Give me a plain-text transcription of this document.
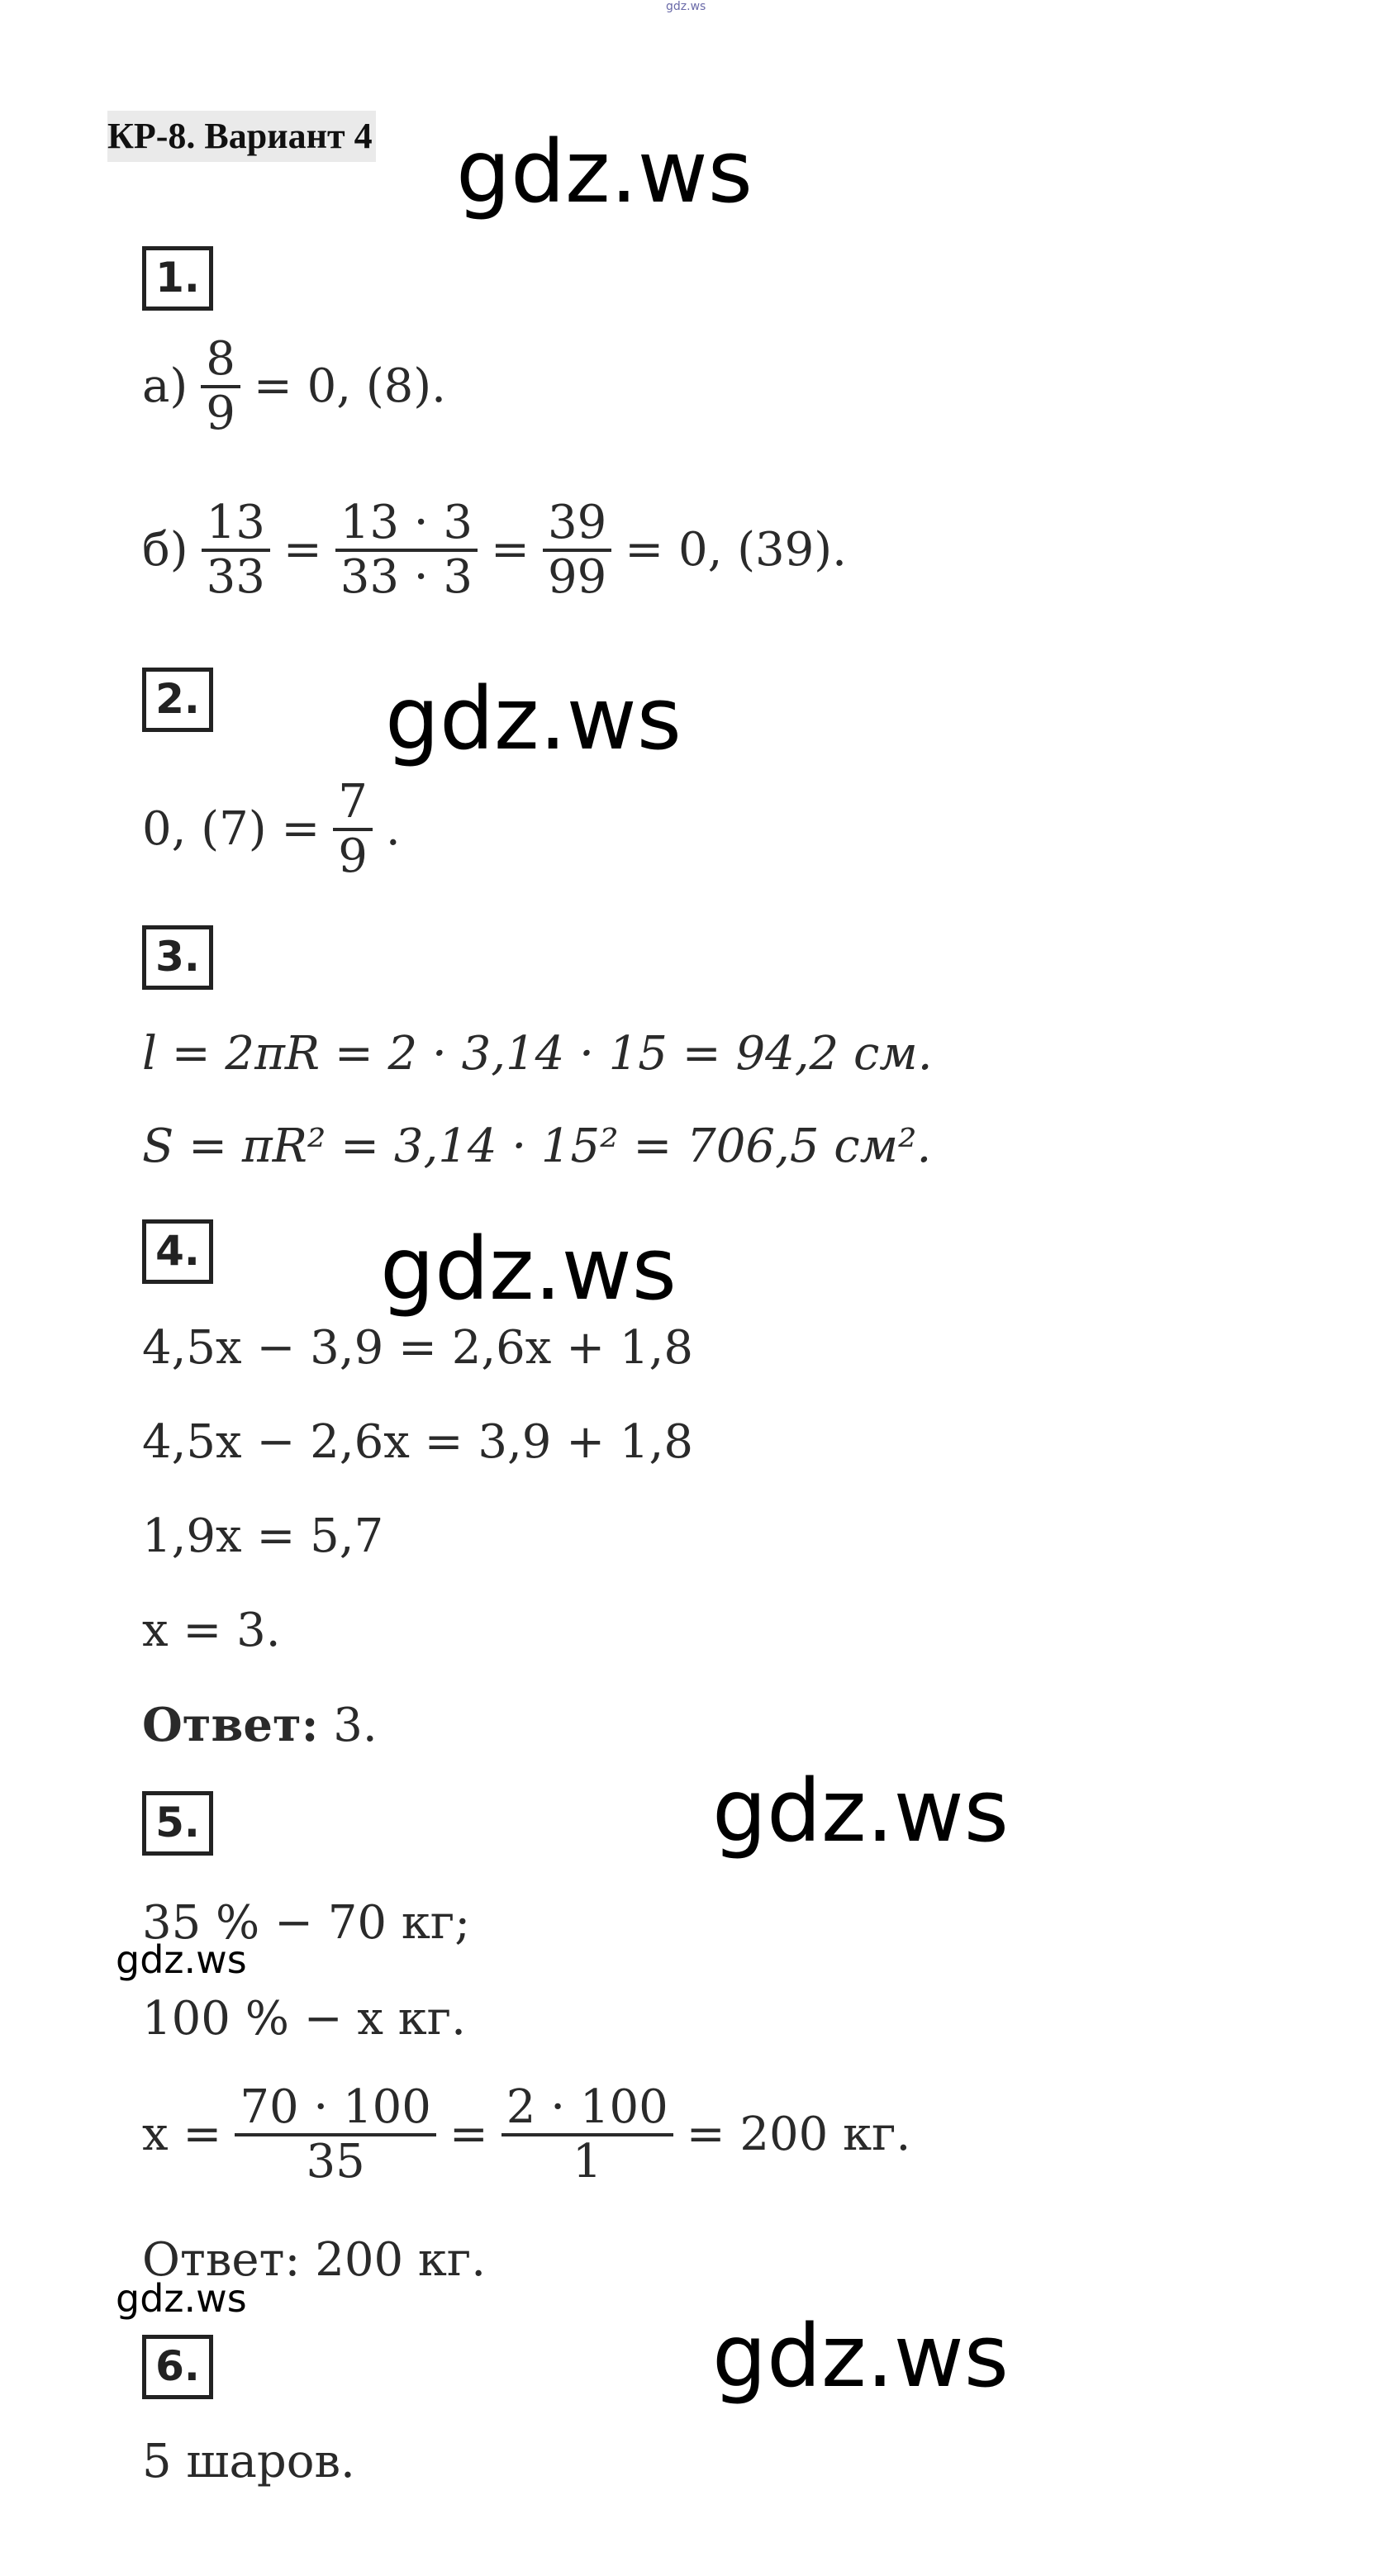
gdz.ws
КР-8. Вариант 4 gdz.ws
gdz.ws
gdz.ws
gdz.ws
gdz.ws
gdz.ws
gdz.ws
1.
$а) \frac{8}{9} = 0$, (8).
$б) \frac{13}{33} = \frac{13 \cdot 3}{33 \cdot 3} = \frac{39}{99} = 0$, (39).
2.
0, $(7) = \frac{7}{9}$ .
3.
l = 2πR = 2 · 3,14 · 15 = 94,2 см.
S = πR² = 3,14 · 15² = 706,5 см².
4.
4,5x − 3,9 = 2,6x + 1,8
4,5x − 2,6x = 3,9 + 1,8
1,9x = 5,7
x = 3.
Ответ: 3.
5.
35 % − 70 кг;
100 % − x кг.
$x = \frac{70 \cdot 100}{35} = \frac{2 \cdot 100}{1} = 200$ кг.
Ответ: 200 кг.
6.
5 шаров.
